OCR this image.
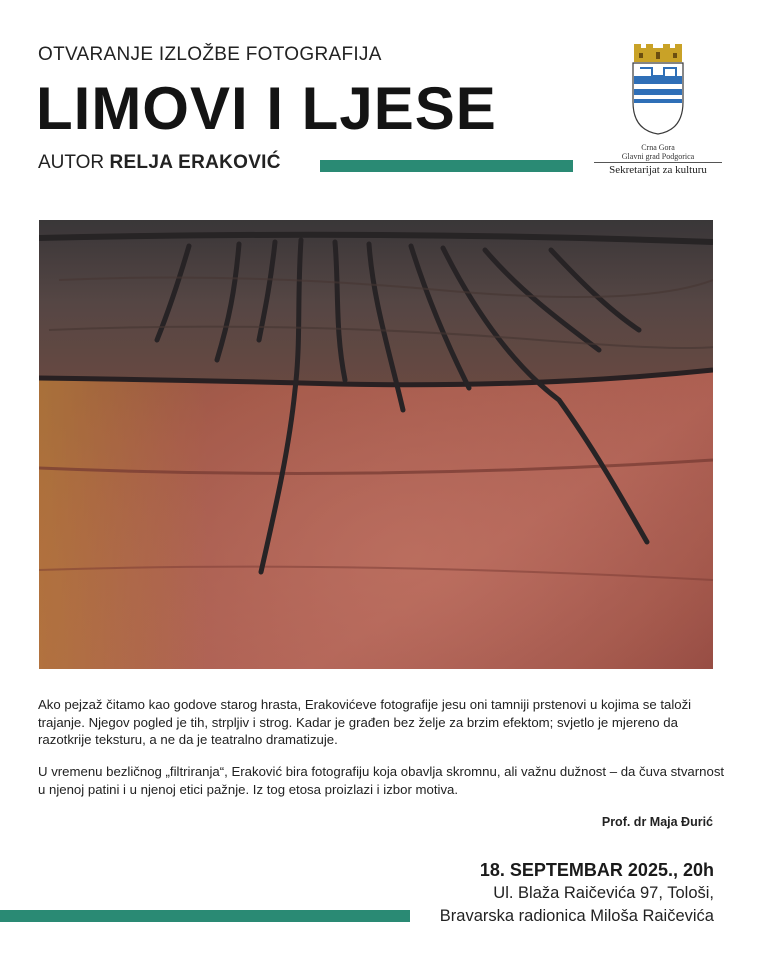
OTVARANJE IZLOŽBE FOTOGRAFIJA
LIMOVI I LJESE
AUTOR RELJA ERAKOVIĆ
Crna Gora
Glavni grad Podgorica
Sekretarijat za kulturu
Ako pejzaž čitamo kao godove starog hrasta, Erakovićeve fotografije jesu oni tamniji prstenovi u kojima se taloži trajanje. Njegov pogled je tih, strpljiv i strog. Kadar je građen bez želje za brzim efektom; svjetlo je mjereno da razotkrije teksturu, a ne da je teatralno dramatizuje.
U vremenu bezličnog „filtriranja“, Eraković bira fotografiju koja obavlja skromnu, ali važnu dužnost – da čuva stvarnost u njenoj patini i u njenoj etici pažnje. Iz tog etosa proizlazi i izbor motiva.
Prof. dr Maja Đurić
18. SEPTEMBAR 2025., 20h
Ul. Blaža Raičevića 97, Tološi,
Bravarska radionica Miloša Raičevića
